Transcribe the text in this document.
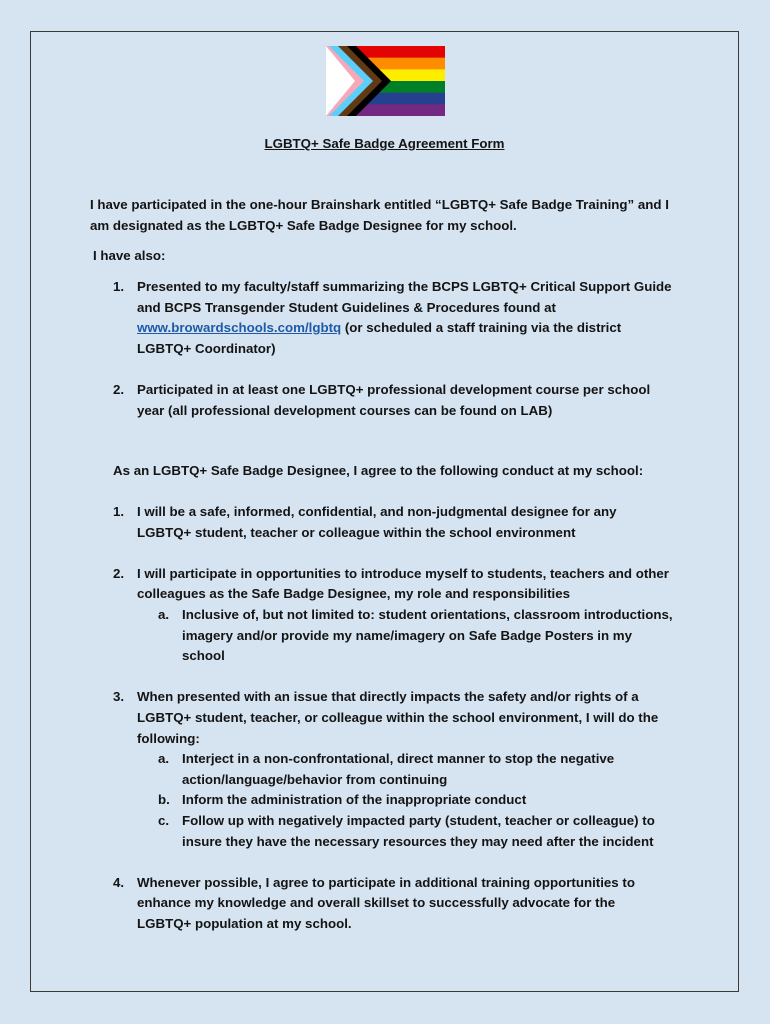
LGBTQ+ Safe Badge Agreement Form
I have participated in the one-hour Brainshark entitled “LGBTQ+ Safe Badge Training” and I am designated as the LGBTQ+ Safe Badge Designee for my school.
I have also:
1. Presented to my faculty/staff summarizing the BCPS LGBTQ+ Critical Support Guide and BCPS Transgender Student Guidelines & Procedures found at
www.browardschools.com/lgbtq (or scheduled a staff training via the district LGBTQ+ Coordinator)
2. Participated in at least one LGBTQ+ professional development course per school year (all professional development courses can be found on LAB)
As an LGBTQ+ Safe Badge Designee, I agree to the following conduct at my school:
1. I will be a safe, informed, confidential, and non-judgmental designee for any LGBTQ+ student, teacher or colleague within the school environment
2. I will participate in opportunities to introduce myself to students, teachers and other colleagues as the Safe Badge Designee, my role and responsibilities
a. Inclusive of, but not limited to: student orientations, classroom introductions, imagery and/or provide my name/imagery on Safe Badge Posters in my school
3. When presented with an issue that directly impacts the safety and/or rights of a LGBTQ+ student, teacher, or colleague within the school environment, I will do the following:
a. Interject in a non-confrontational, direct manner to stop the negative action/language/behavior from continuing
b. Inform the administration of the inappropriate conduct
c. Follow up with negatively impacted party (student, teacher or colleague) to insure they have the necessary resources they may need after the incident
4. Whenever possible, I agree to participate in additional training opportunities to enhance my knowledge and overall skillset to successfully advocate for the LGBTQ+ population at my school.
